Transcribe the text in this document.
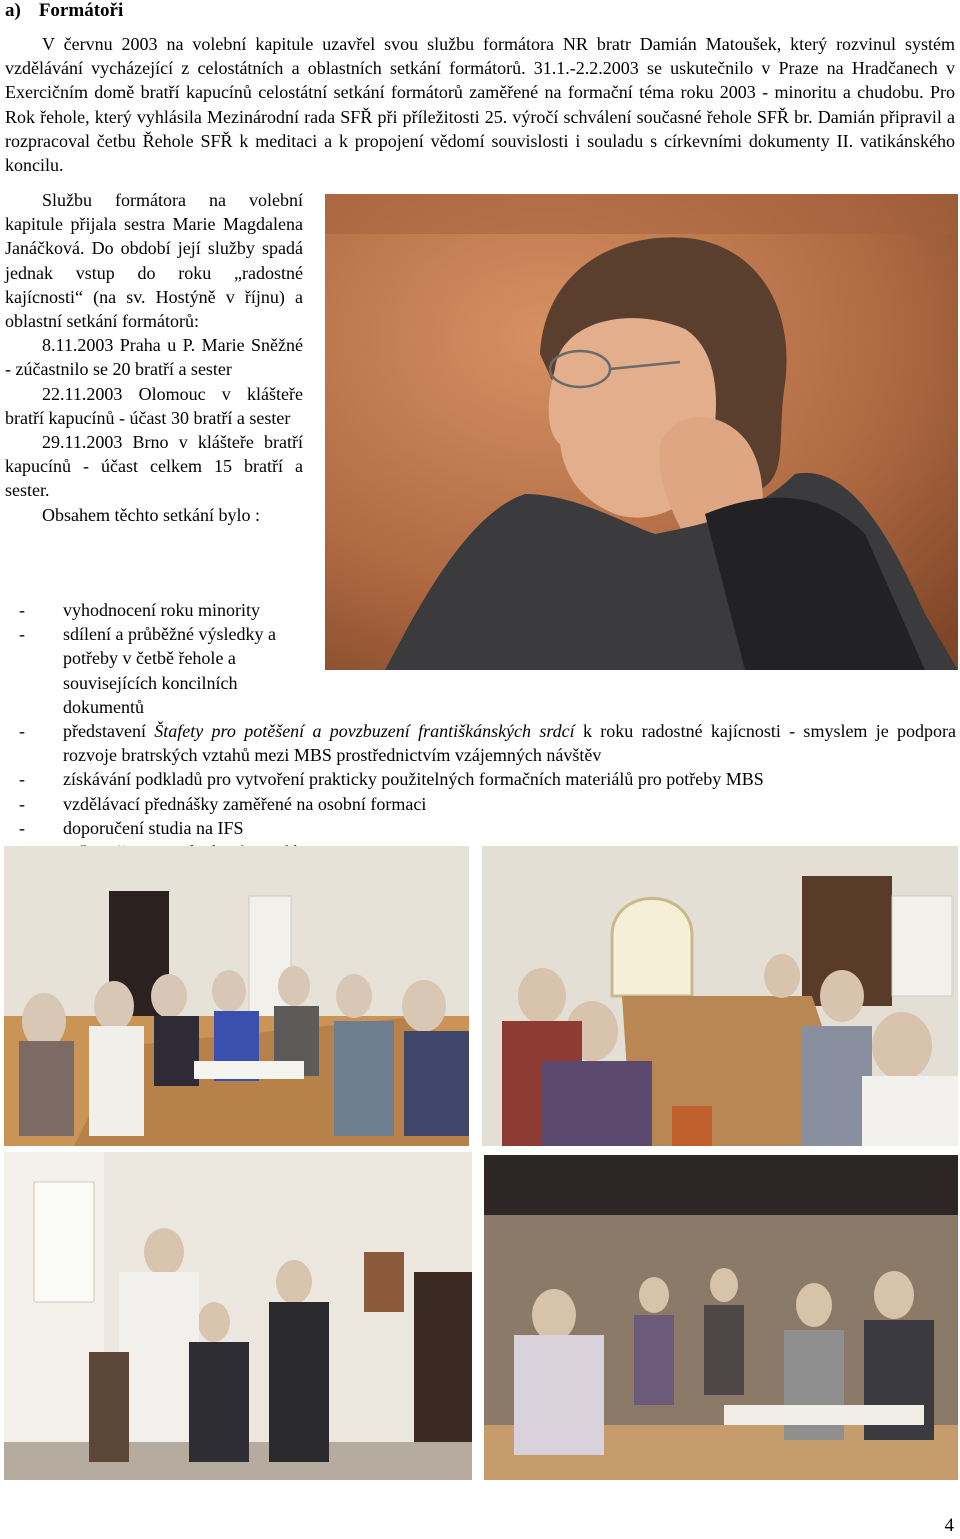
a) Formátoři

V červnu 2003 na volební kapitule uzavřel svou službu formátora NR bratr Damián Matoušek, který rozvinul systém vzdělávání vycházející z celostátních a oblastních setkání formátorů. 31.1.-2.2.2003 se uskutečnilo v Praze na Hradčanech v Exercičním domě bratří kapucínů celostátní setkání formátorů zaměřené na formační téma roku 2003 - minoritu a chudobu. Pro Rok řehole, který vyhlásila Mezinárodní rada SFŘ při příležitosti 25. výročí schválení současné řehole SFŘ br. Damián připravil a rozpracoval četbu Řehole SFŘ k meditaci a k propojení vědomí souvislosti i souladu s církevními dokumenty II. vatikánského koncilu.

Službu formátora na volební kapitule přijala sestra Marie Magdalena Janáčková. Do období její služby spadá jednak vstup do roku „radostné kajícnosti“ (na sv. Hostýně v říjnu) a oblastní setkání formátorů:

8.11.2003 Praha u P. Marie Sněžné - zúčastnilo se 20 bratří a sester

22.11.2003 Olomouc v klášteře bratří kapucínů - účast 30 bratří a sester

29.11.2003 Brno v klášteře bratří kapucínů - účast celkem 15 bratří a sester.

Obsahem těchto setkání bylo :

- vyhodnocení roku minority
- sdílení a průběžné výsledky a potřeby v četbě řehole a souvisejících koncilních dokumentů
- představení Štafety pro potěšení a povzbuzení františkánských srdcí k roku radostné kajícnosti - smyslem je podpora rozvoje bratrských vztahů mezi MBS prostřednictvím vzájemných návštěv
- získávání podkladů pro vytvoření prakticky použitelných formačních materiálů pro potřeby MBS
- vzdělávací přednášky zaměřené na osobní formaci
- doporučení studia na IFS
4
